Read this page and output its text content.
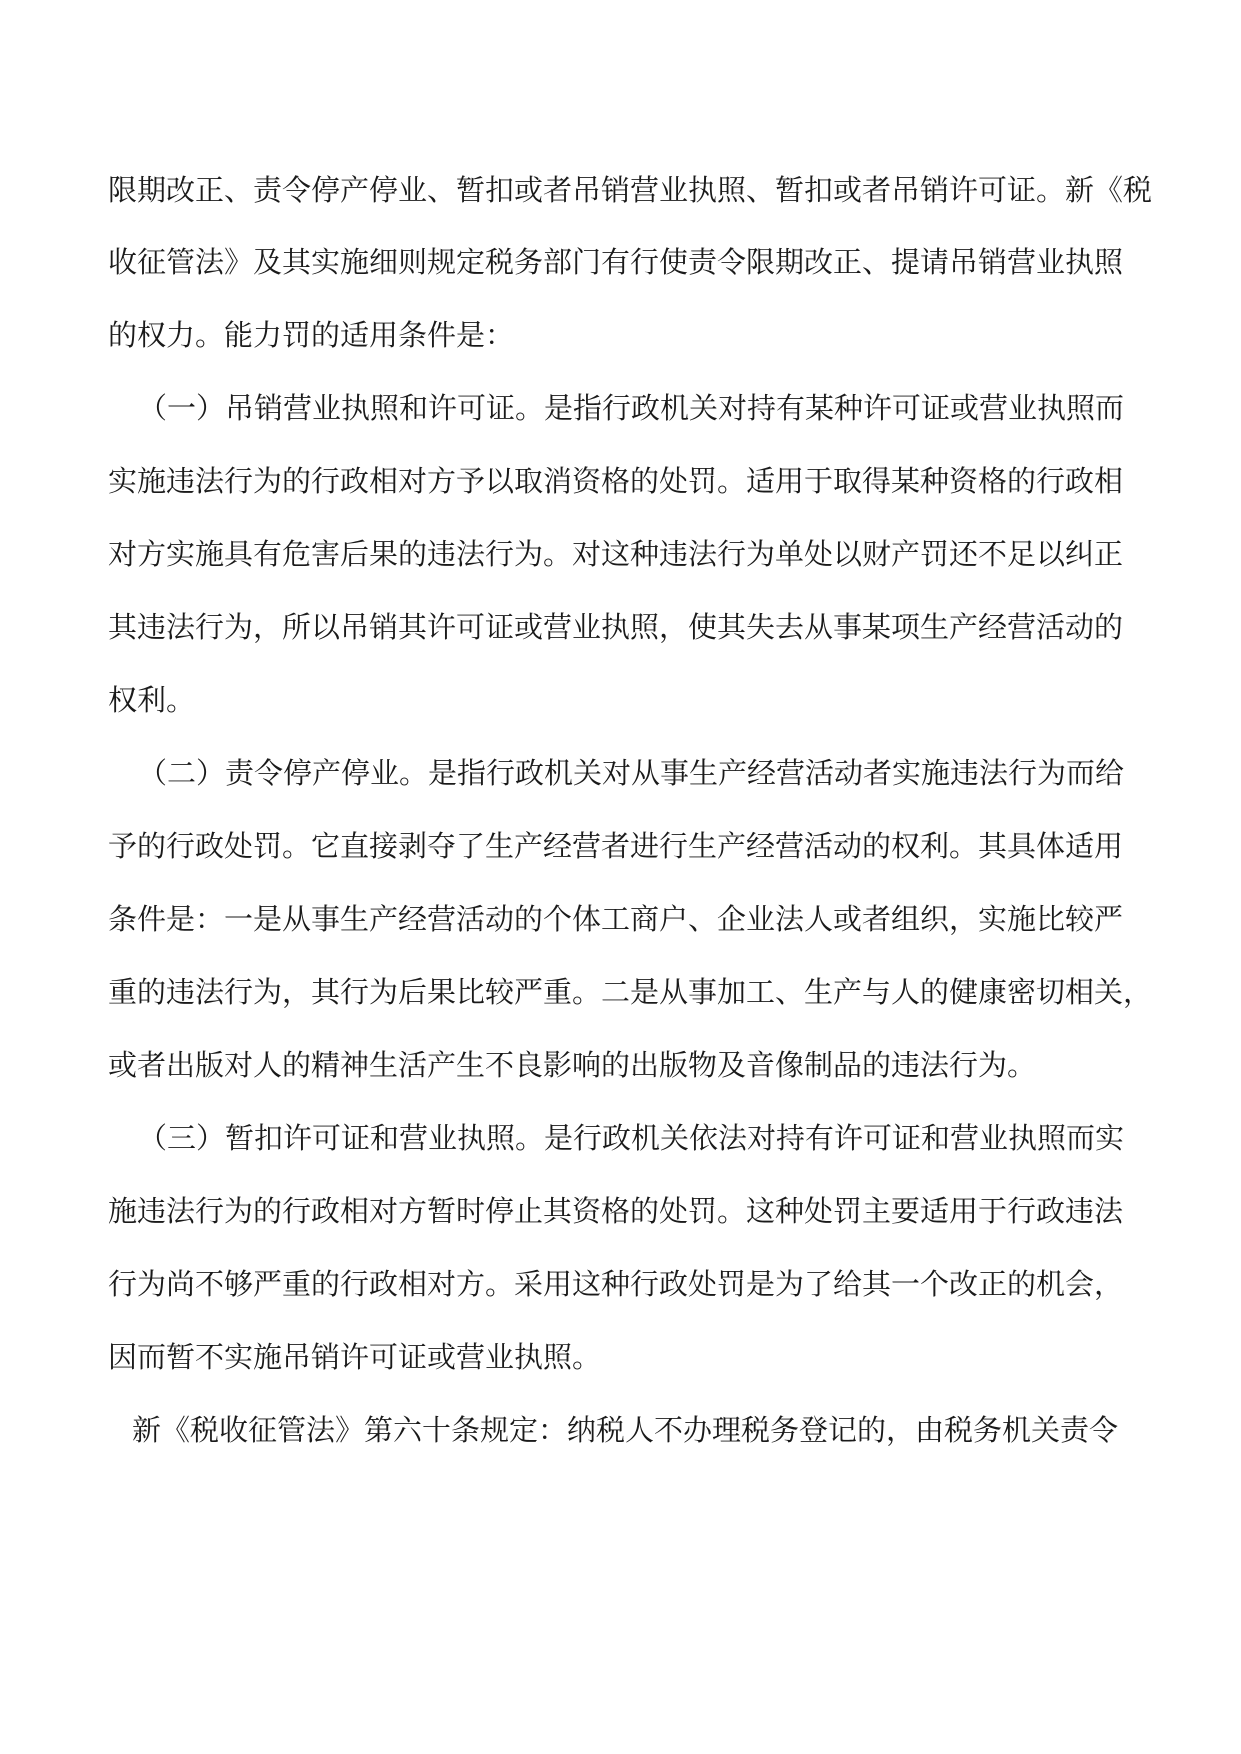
限期改正、责令停产停业、暂扣或者吊销营业执照、暂扣或者吊销许可证。新《税
收征管法》及其实施细则规定税务部门有行使责令限期改正、提请吊销营业执照
的权力。能力罚的适用条件是：
（一）吊销营业执照和许可证。是指行政机关对持有某种许可证或营业执照而
实施违法行为的行政相对方予以取消资格的处罚。适用于取得某种资格的行政相
对方实施具有危害后果的违法行为。对这种违法行为单处以财产罚还不足以纠正
其违法行为，所以吊销其许可证或营业执照，使其失去从事某项生产经营活动的
权利。
（二）责令停产停业。是指行政机关对从事生产经营活动者实施违法行为而给
予的行政处罚。它直接剥夺了生产经营者进行生产经营活动的权利。其具体适用
条件是：一是从事生产经营活动的个体工商户、企业法人或者组织，实施比较严
重的违法行为，其行为后果比较严重。二是从事加工、生产与人的健康密切相关，
或者出版对人的精神生活产生不良影响的出版物及音像制品的违法行为。
（三）暂扣许可证和营业执照。是行政机关依法对持有许可证和营业执照而实
施违法行为的行政相对方暂时停止其资格的处罚。这种处罚主要适用于行政违法
行为尚不够严重的行政相对方。采用这种行政处罚是为了给其一个改正的机会，
因而暂不实施吊销许可证或营业执照。
新《税收征管法》第六十条规定：纳税人不办理税务登记的，由税务机关责令
